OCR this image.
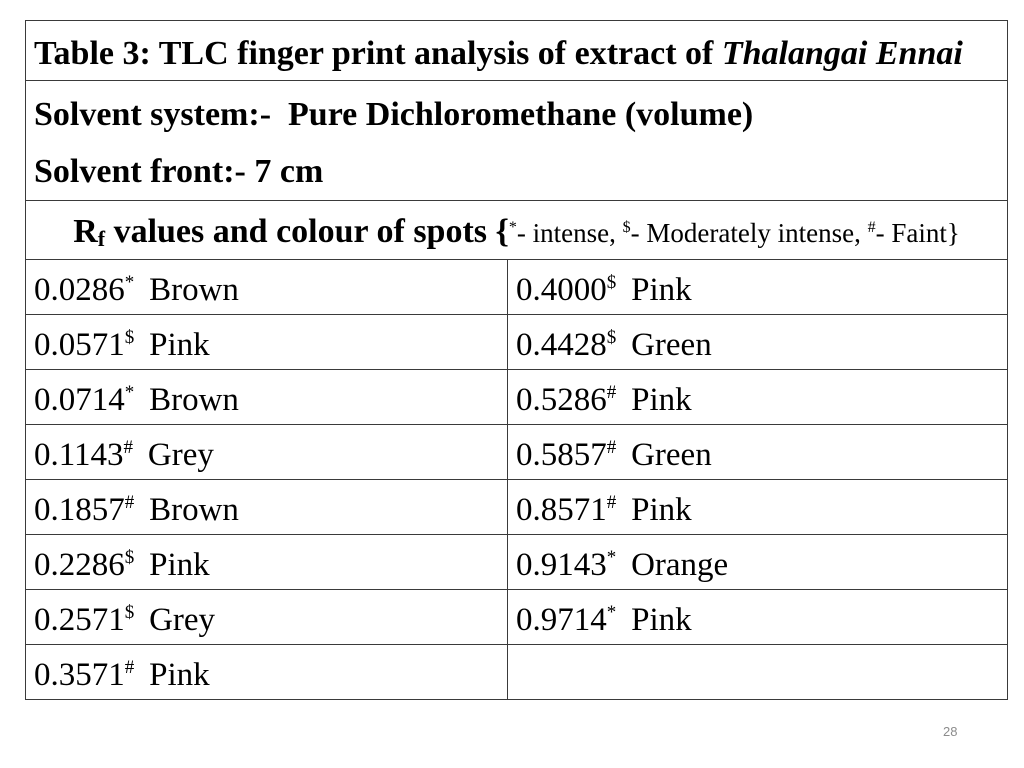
Table 3: TLC finger print analysis of extract of Thalangai Ennai	

Solvent system:-  Pure Dichloromethane (volume)
Solvent front:- 7 cm	

Rf values and colour of spots {*- intense, $- Moderately intense, #- Faint}	
0.0286* Brown	0.4000$ Pink
0.0571$ Pink	0.4428$ Green
0.0714* Brown	0.5286# Pink
0.1143# Grey	0.5857# Green
0.1857# Brown	0.8571# Pink
0.2286$ Pink	0.9143* Orange
0.2571$ Grey	0.9714* Pink
0.3571# Pink	
28
